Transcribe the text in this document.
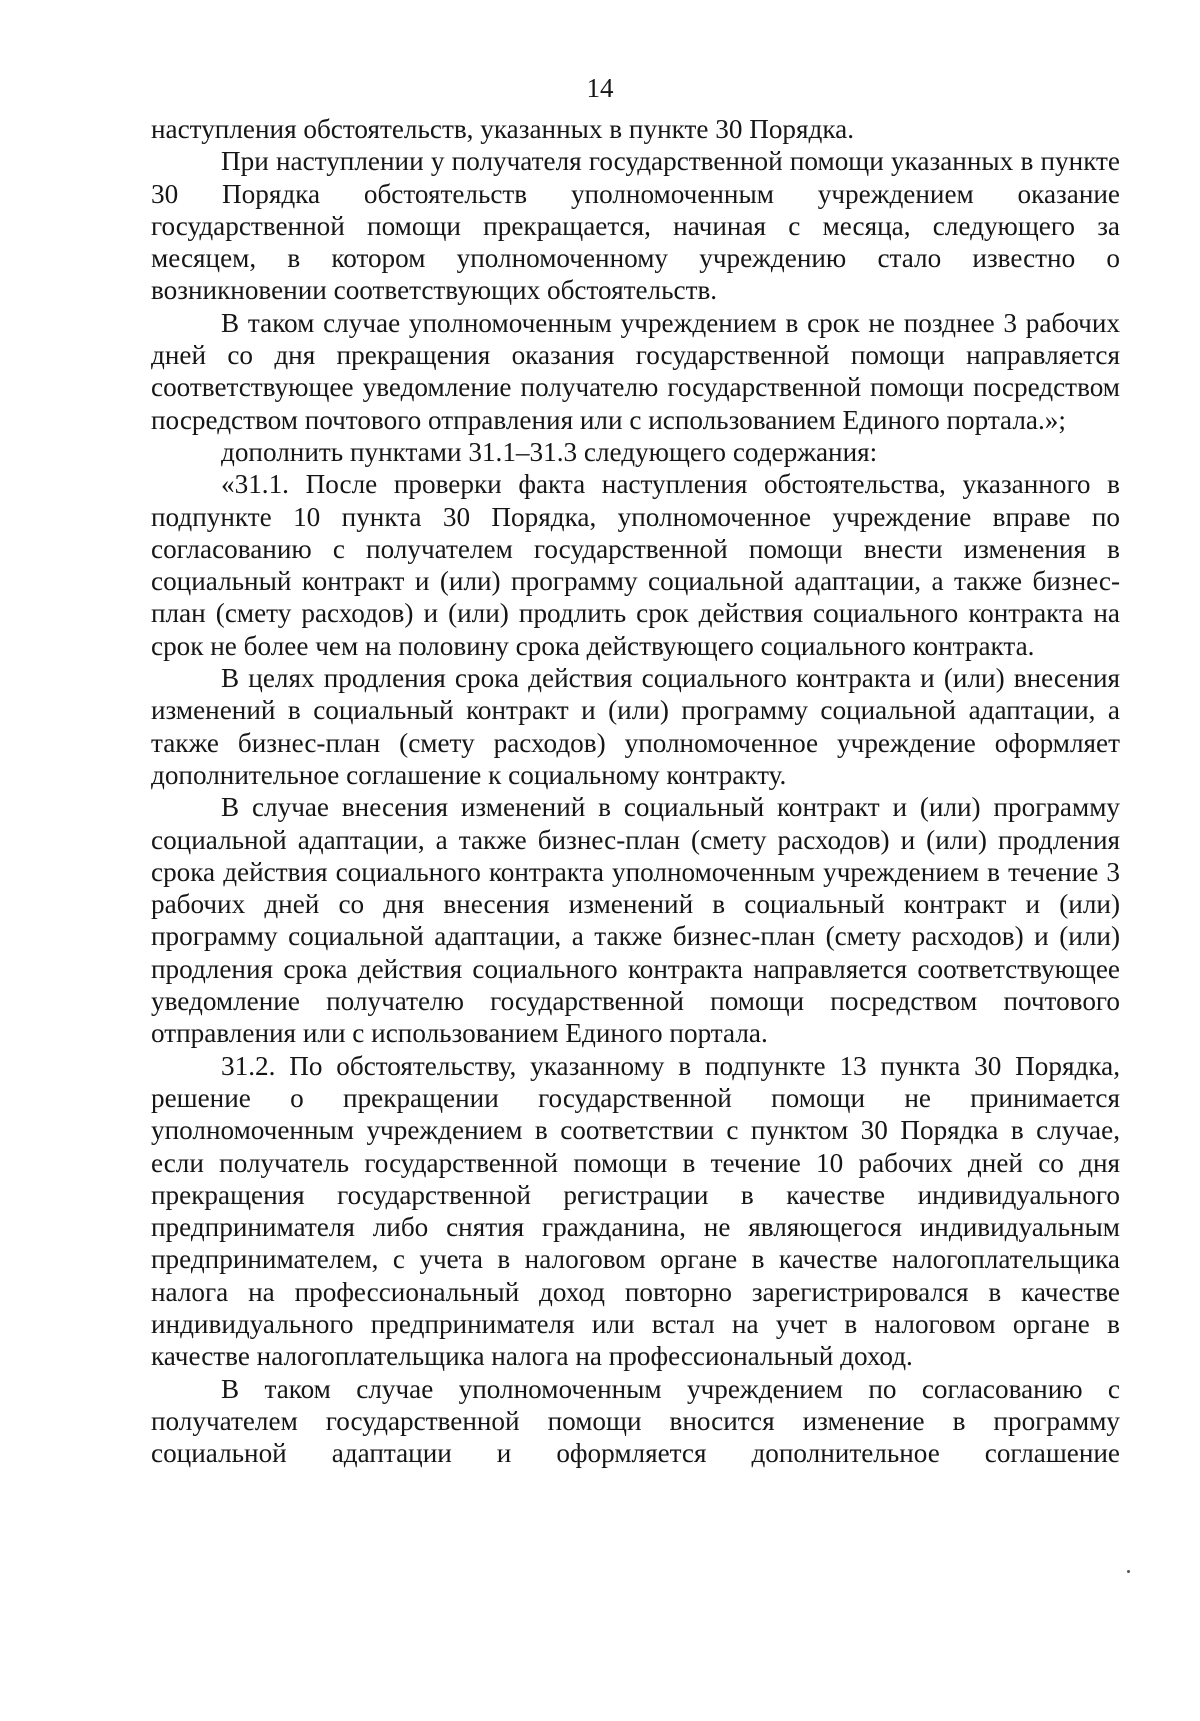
14

наступления обстоятельств, указанных в пункте 30 Порядка.

При наступлении у получателя государственной помощи указанных в пункте 30 Порядка обстоятельств уполномоченным учреждением оказание государственной помощи прекращается, начиная с месяца, следующего за месяцем, в котором уполномоченному учреждению стало известно о возникновении соответствующих обстоятельств.

В таком случае уполномоченным учреждением в срок не позднее 3 рабочих дней со дня прекращения оказания государственной помощи направляется соответствующее уведомление получателю государственной помощи посредством посредством почтового отправления или с использованием Единого портала.»;

дополнить пунктами 31.1–31.3 следующего содержания:

«31.1. После проверки факта наступления обстоятельства, указанного в подпункте 10 пункта 30 Порядка, уполномоченное учреждение вправе по согласованию с получателем государственной помощи внести изменения в социальный контракт и (или) программу социальной адаптации, а также бизнес-план (смету расходов) и (или) продлить срок действия социального контракта на срок не более чем на половину срока действующего социального контракта.

В целях продления срока действия социального контракта и (или) внесения изменений в социальный контракт и (или) программу социальной адаптации, а также бизнес-план (смету расходов) уполномоченное учреждение оформляет дополнительное соглашение к социальному контракту.

В случае внесения изменений в социальный контракт и (или) программу социальной адаптации, а также бизнес-план (смету расходов) и (или) продления срока действия социального контракта уполномоченным учреждением в течение 3 рабочих дней со дня внесения изменений в социальный контракт и (или) программу социальной адаптации, а также бизнес-план (смету расходов) и (или) продления срока действия социального контракта направляется соответствующее уведомление получателю государственной помощи посредством почтового отправления или с использованием Единого портала.

31.2. По обстоятельству, указанному в подпункте 13 пункта 30 Порядка, решение о прекращении государственной помощи не принимается уполномоченным учреждением в соответствии с пунктом 30 Порядка в случае, если получатель государственной помощи в течение 10 рабочих дней со дня прекращения государственной регистрации в качестве индивидуального предпринимателя либо снятия гражданина, не являющегося индивидуальным предпринимателем, с учета в налоговом органе в качестве налогоплательщика налога на профессиональный доход повторно зарегистрировался в качестве индивидуального предпринимателя или встал на учет в налоговом органе в качестве налогоплательщика налога на профессиональный доход.

В таком случае уполномоченным учреждением по согласованию с получателем государственной помощи вносится изменение в программу социальной адаптации и оформляется дополнительное соглашение
